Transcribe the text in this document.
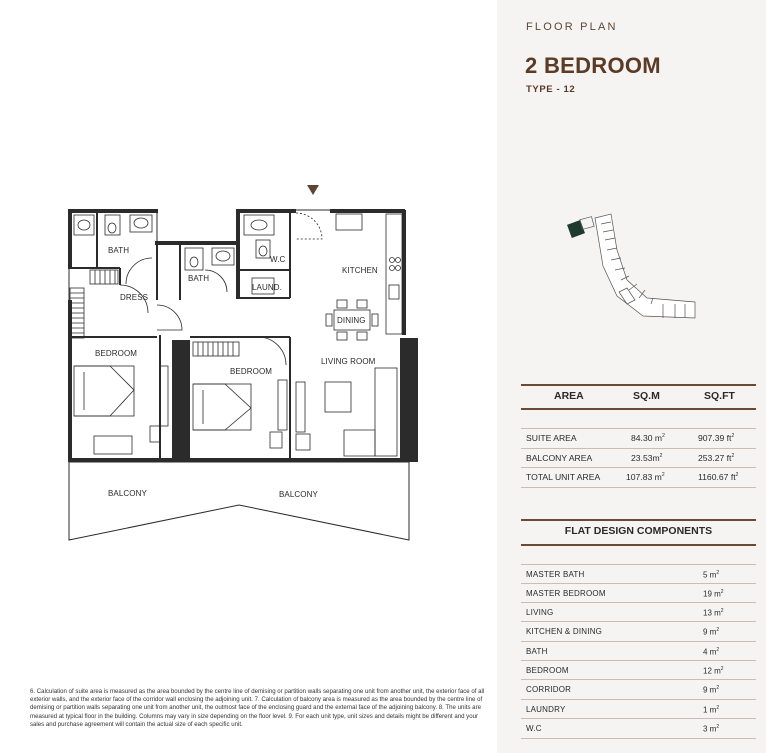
BATH
BATH
W.C
KITCHEN
DRESS
LAUND.
DINING
BEDROOM
BEDROOM
LIVING ROOM
BALCONY	BALCONY

6. Calculation of suite area is measured as the area bounded by the centre line of demising or partition walls separating one unit from another unit, the exterior face of all exterior walls, and the exterior face of the corridor wall enclosing the adjoining unit. 7. Calculation of balcony area is measured as the area bounded by the centre line of demising or partition walls separating one unit from another unit, the outmost face of the enclosing guard and the external face of the adjoining balcony. 8. The units are measured at typical floor in the building. Columns may vary in size depending on the floor level. 9. For each unit type, unit sizes and details might be different and your sales and purchase agreement will contain the actual size of each specific unit.

FLOOR PLAN
2 BEDROOM
TYPE - 12
AREA	SQ.M	SQ.FT
SUITE AREA	84.30 $m^2$	907.39 $ft^2$
BALCONY AREA	$23.53m^2$	253.27 $ft^2$
TOTAL UNIT AREA	107.83 $m^2$	1160.67 $ft^2$
FLAT DESIGN COMPONENTS
MASTER BATH	5 $m^2$
MASTER BEDROOM	19 $m^2$
LIVING	13 $m^2$
KITCHEN & DINING	9 $m^2$
BATH	4 $m^2$
BEDROOM	12 $m^2$
CORRIDOR	9 $m^2$
LAUNDRY	1 $m^2$
W.C	3 $m^2$
